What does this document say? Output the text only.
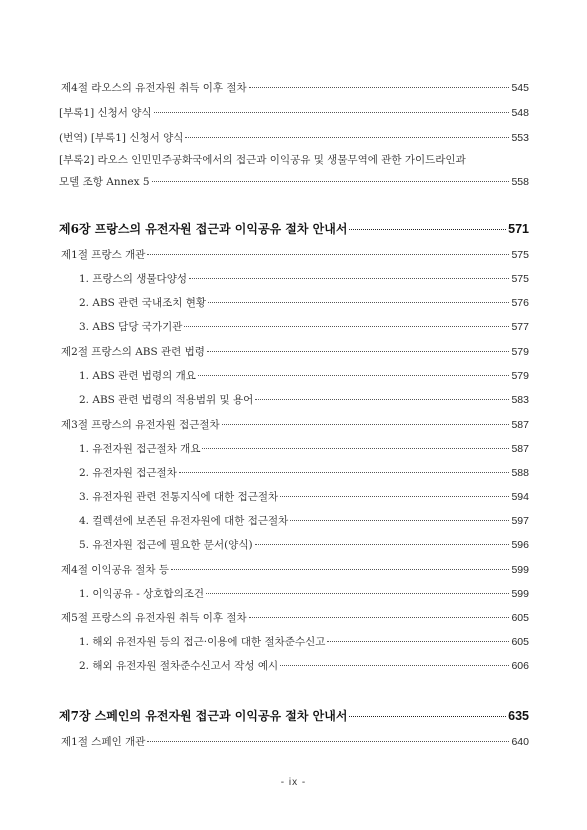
제4절 라오스의 유전자원 취득 이후 절차	545
[부록1] 신청서 양식	548
(번역) [부록1] 신청서 양식	553
[부록2] 라오스 인민민주공화국에서의 접근과 이익공유 및 생물무역에 관한 가이드라인과
모델 조항 Annex 5	558
제6장 프랑스의 유전자원 접근과 이익공유 절차 안내서	571
제1절 프랑스 개관	575
1. 프랑스의 생물다양성	575
2. ABS 관련 국내조치 현황	576
3. ABS 담당 국가기관	577
제2절 프랑스의 ABS 관련 법령	579
1. ABS 관련 법령의 개요	579
2. ABS 관련 법령의 적용범위 및 용어	583
제3절 프랑스의 유전자원 접근절차	587
1. 유전자원 접근절차 개요	587
2. 유전자원 접근절차	588
3. 유전자원 관련 전통지식에 대한 접근절차	594
4. 컬렉션에 보존된 유전자원에 대한 접근절차	597
5. 유전자원 접근에 필요한 문서(양식)	596
제4절 이익공유 절차 등	599
1. 이익공유 - 상호합의조건	599
제5절 프랑스의 유전자원 취득 이후 절차	605
1. 해외 유전자원 등의 접근·이용에 대한 절차준수신고	605
2. 해외 유전자원 절차준수신고서 작성 예시	606
제7장 스페인의 유전자원 접근과 이익공유 절차 안내서	635
제1절 스페인 개관	640
- ix -
